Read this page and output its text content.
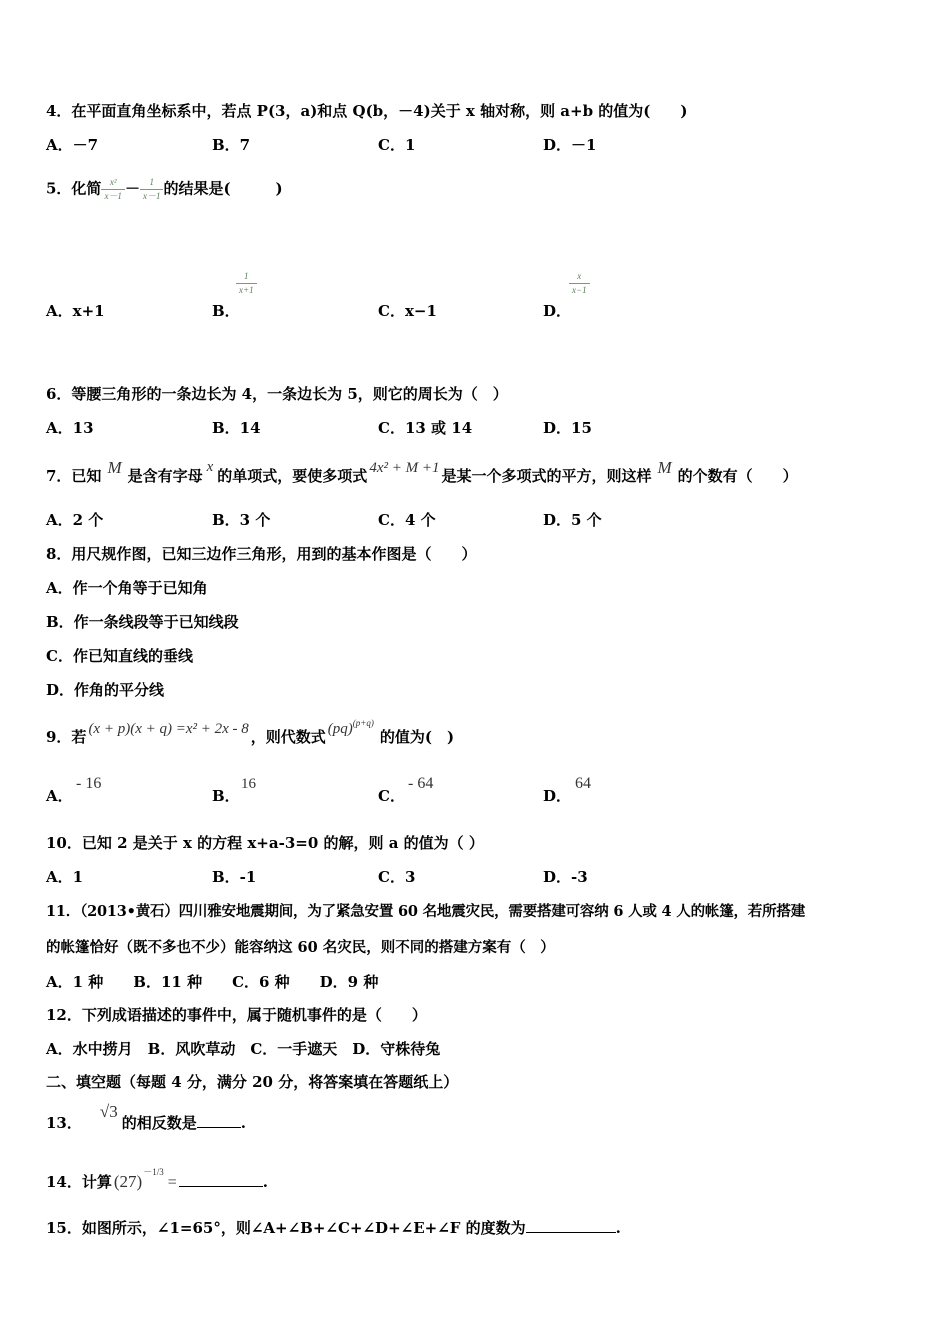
4．在平面直角坐标系中，若点 P(3，a)和点 Q(b，－4)关于 x 轴对称，则 a+b 的值为(　　)
A．－7	B．7	C．1	D．－1
5．化简 $\frac{\text{x²}}{x-1} - \frac{1}{x-1}$ 的结果是(　　　)
A．x+1	B．
$\frac{1}{x+1}$
C．x−1	D．
$\frac{x}{x-1}$
6．等腰三角形的一条边长为 4，一条边长为 5，则它的周长为（　）
A．13	B．14	C．13 或 14	D．15
7．已知 M 是含有字母 x 的单项式，要使多项式 4x² + M +1 是某一个多项式的平方，则这样 M 的个数有（　　）
A．2 个	B．3 个	C．4 个	D．5 个
8．用尺规作图，已知三边作三角形，用到的基本作图是（　　）
A．作一个角等于已知角
B．作一条线段等于已知线段
C．作已知直线的垂线
D．作角的平分线
9．若 (x + p)(x + q) =x² + 2x - 8 ，则代数式 (pq)$^{(p+q)}$的值为(　)
A．
- 16
B．
16
C．
- 64
D．
64
10．已知 2 是关于 x 的方程 x+a-3=0 的解，则 a 的值为（ ）
A．1	B．-1	C．3	D．-3
11．（2013•黄石）四川雅安地震期间，为了紧急安置 60 名地震灾民，需要搭建可容纳 6 人或 4 人的帐篷，若所搭建
的帐篷恰好（既不多也不少）能容纳这 60 名灾民，则不同的搭建方案有（　）
A．1 种　　B．11 种　　C．6 种　　D．9 种
12．下列成语描述的事件中，属于随机事件的是（　　）
A．水中捞月　B．风吹草动　C．一手遮天　D．守株待兔
二、填空题（每题 4 分，满分 20 分，将答案填在答题纸上）
13．√3的相反数是	.
14．计算 $(27)^{-1/3}=$	.
15．如图所示，∠1=65°，则∠A+∠B+∠C+∠D+∠E+∠F 的度数为	.
